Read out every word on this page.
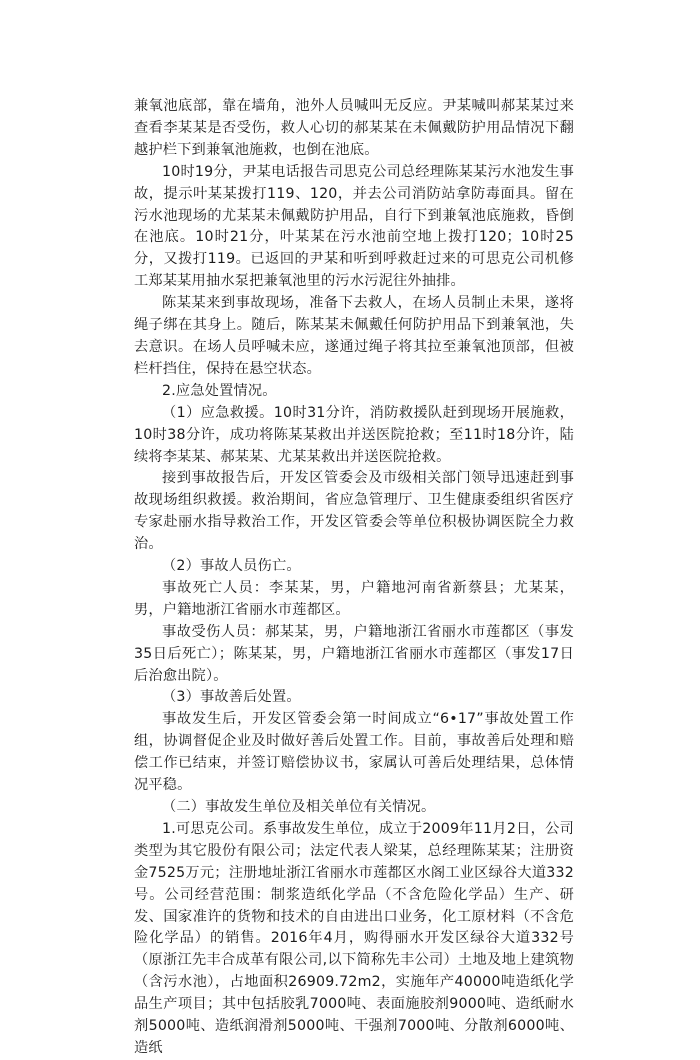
兼氧池底部，靠在墙角，池外人员喊叫无反应。尹某喊叫郝某某过来查看李某某是否受伤，救人心切的郝某某在未佩戴防护用品情况下翻越护栏下到兼氧池施救，也倒在池底。

10时19分，尹某电话报告司思克公司总经理陈某某污水池发生事故，提示叶某某拨打119、120，并去公司消防站拿防毒面具。留在污水池现场的尤某某未佩戴防护用品，自行下到兼氧池底施救，昏倒在池底。10时21分，叶某某在污水池前空地上拨打120；10时25分，又拨打119。已返回的尹某和听到呼救赶过来的可思克公司机修工郑某某用抽水泵把兼氧池里的污水污泥往外抽排。

陈某某来到事故现场，准备下去救人，在场人员制止未果，遂将绳子绑在其身上。随后，陈某某未佩戴任何防护用品下到兼氧池，失去意识。在场人员呼喊未应，遂通过绳子将其拉至兼氧池顶部，但被栏杆挡住，保持在悬空状态。

2.应急处置情况。

（1）应急救援。10时31分许，消防救援队赶到现场开展施救，10时38分许，成功将陈某某救出并送医院抢救；至11时18分许，陆续将李某某、郝某某、尤某某救出并送医院抢救。

接到事故报告后，开发区管委会及市级相关部门领导迅速赶到事故现场组织救援。救治期间，省应急管理厅、卫生健康委组织省医疗专家赴丽水指导救治工作，开发区管委会等单位积极协调医院全力救治。

（2）事故人员伤亡。

事故死亡人员：李某某，男，户籍地河南省新蔡县；尤某某，男，户籍地浙江省丽水市莲都区。

事故受伤人员：郝某某，男，户籍地浙江省丽水市莲都区（事发35日后死亡）；陈某某，男，户籍地浙江省丽水市莲都区（事发17日后治愈出院）。

（3）事故善后处置。

事故发生后，开发区管委会第一时间成立“6•17”事故处置工作组，协调督促企业及时做好善后处置工作。目前，事故善后处理和赔偿工作已结束，并签订赔偿协议书，家属认可善后处理结果，总体情况平稳。

（二）事故发生单位及相关单位有关情况。

1.可思克公司。系事故发生单位，成立于2009年11月2日，公司类型为其它股份有限公司；法定代表人梁某，总经理陈某某；注册资金7525万元；注册地址浙江省丽水市莲都区水阁工业区绿谷大道332号。公司经营范围：制浆造纸化学品（不含危险化学品）生产、研发、国家准许的货物和技术的自由进出口业务，化工原材料（不含危险化学品）的销售。2016年4月，购得丽水开发区绿谷大道332号（原浙江先丰合成革有限公司,以下简称先丰公司）土地及地上建筑物（含污水池），占地面积26909.72m2，实施年产40000吨造纸化学品生产项目；其中包括胶乳7000吨、表面施胶剂9000吨、造纸耐水剂5000吨、造纸润滑剂5000吨、干强剂7000吨、分散剂6000吨、造纸
